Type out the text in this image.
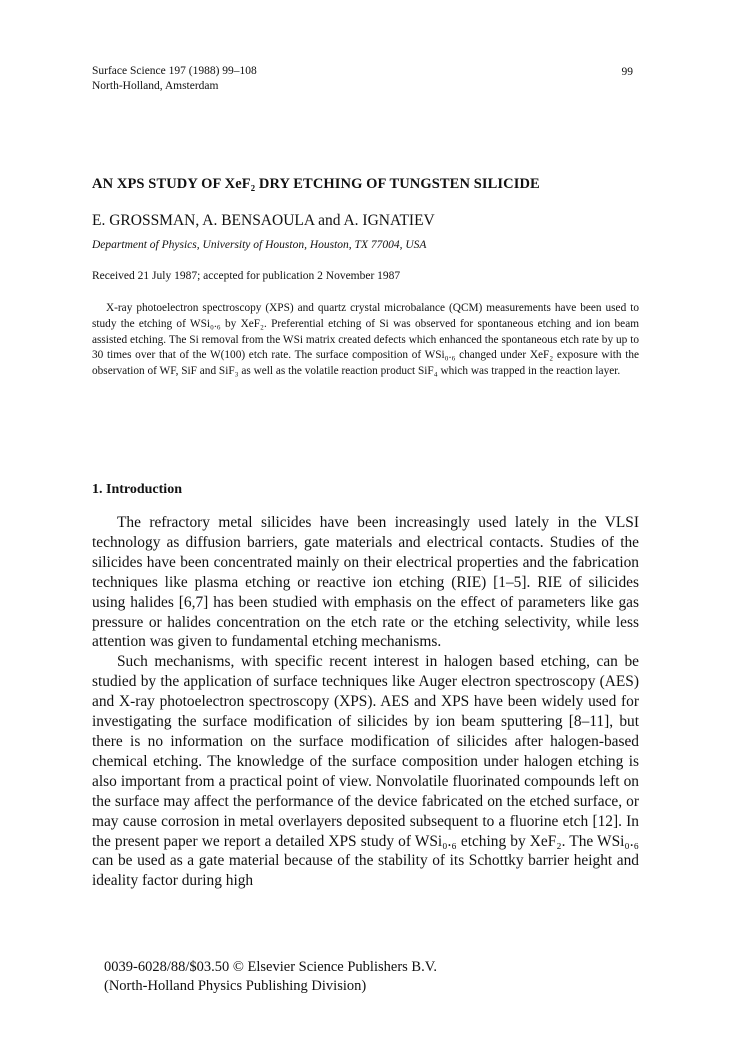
Surface Science 197 (1988) 99–108
North-Holland, Amsterdam
99
AN XPS STUDY OF XeF₂ DRY ETCHING OF TUNGSTEN SILICIDE
E. GROSSMAN, A. BENSAOULA and A. IGNATIEV
Department of Physics, University of Houston, Houston, TX 77004, USA
Received 21 July 1987; accepted for publication 2 November 1987

X-ray photoelectron spectroscopy (XPS) and quartz crystal microbalance (QCM) measurements have been used to study the etching of WSi₀.₆ by XeF₂. Preferential etching of Si was observed for spontaneous etching and ion beam assisted etching. The Si removal from the WSi matrix created defects which enhanced the spontaneous etch rate by up to 30 times over that of the W(100) etch rate. The surface composition of WSi₀.₆ changed under XeF₂ exposure with the observation of WF, SiF and SiF₃ as well as the volatile reaction product SiF₄ which was trapped in the reaction layer.

1. Introduction

The refractory metal silicides have been increasingly used lately in the VLSI technology as diffusion barriers, gate materials and electrical contacts. Studies of the silicides have been concentrated mainly on their electrical properties and the fabrication techniques like plasma etching or reactive ion etching (RIE) [1–5]. RIE of silicides using halides [6,7] has been studied with emphasis on the effect of parameters like gas pressure or halides concentration on the etch rate or the etching selectivity, while less attention was given to fundamental etching mechanisms.

Such mechanisms, with specific recent interest in halogen based etching, can be studied by the application of surface techniques like Auger electron spectroscopy (AES) and X-ray photoelectron spectroscopy (XPS). AES and XPS have been widely used for investigating the surface modification of silicides by ion beam sputtering [8–11], but there is no information on the surface modification of silicides after halogen-based chemical etching. The knowledge of the surface composition under halogen etching is also important from a practical point of view. Nonvolatile fluorinated compounds left on the surface may affect the performance of the device fabricated on the etched surface, or may cause corrosion in metal overlayers deposited subsequent to a fluorine etch [12]. In the present paper we report a detailed XPS study of WSi₀.₆ etching by XeF₂. The WSi₀.₆ can be used as a gate material because of the stability of its Schottky barrier height and ideality factor during high

0039-6028/88/$03.50 © Elsevier Science Publishers B.V.
(North-Holland Physics Publishing Division)
